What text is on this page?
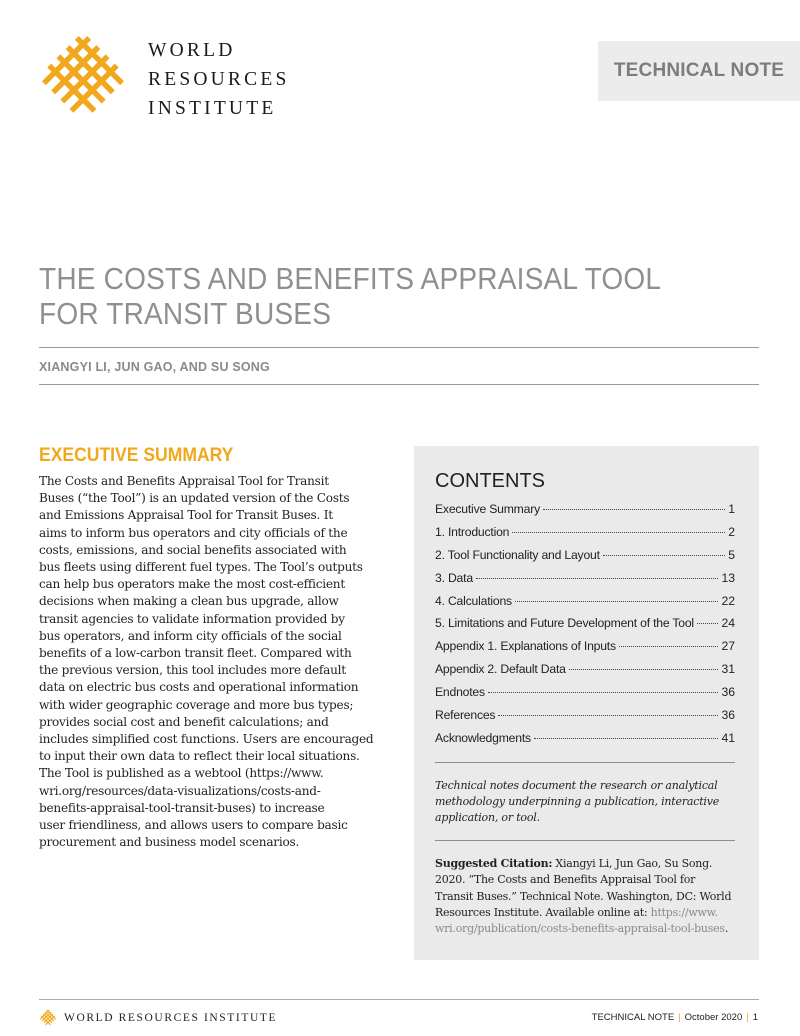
WORLD
RESOURCES
INSTITUTE
TECHNICAL NOTE
THE COSTS AND BENEFITS APPRAISAL TOOL
FOR TRANSIT BUSES
XIANGYI LI, JUN GAO, AND SU SONG
EXECUTIVE SUMMARY

The Costs and Benefits Appraisal Tool for Transit

Buses (“the Tool”) is an updated version of the Costs

and Emissions Appraisal Tool for Transit Buses. It

aims to inform bus operators and city officials of the

costs, emissions, and social benefits associated with

bus fleets using different fuel types. The Tool’s outputs

can help bus operators make the most cost-efficient

decisions when making a clean bus upgrade, allow

transit agencies to validate information provided by

bus operators, and inform city officials of the social

benefits of a low-carbon transit fleet. Compared with

the previous version, this tool includes more default

data on electric bus costs and operational information

with wider geographic coverage and more bus types;

provides social cost and benefit calculations; and

includes simplified cost functions. Users are encouraged

to input their own data to reflect their local situations.

The Tool is published as a webtool (https://www.

wri.org/resources/data-visualizations/costs-and-

benefits-appraisal-tool-transit-buses) to increase

user friendliness, and allows users to compare basic

procurement and business model scenarios.

CONTENTS
Executive Summary	1
1. Introduction	2
2. Tool Functionality and Layout	5
3. Data	13
4. Calculations	22
5. Limitations and Future Development of the Tool 24
Appendix 1. Explanations of Inputs	27
Appendix 2. Default Data	31
Endnotes	36
References	36
Acknowledgments	41
Technical notes document the research or analytical
methodology underpinning a publication, interactive
application, or tool.
Suggested Citation: Xiangyi Li, Jun Gao, Su Song.
2020. “The Costs and Benefits Appraisal Tool for
Transit Buses.” Technical Note. Washington, DC: World
Resources Institute. Available online at: https://www.
wri.org/publication/costs-benefits-appraisal-tool-buses.
WORLD RESOURCES INSTITUTE	TECHNICAL NOTE | October 2020 | 1
